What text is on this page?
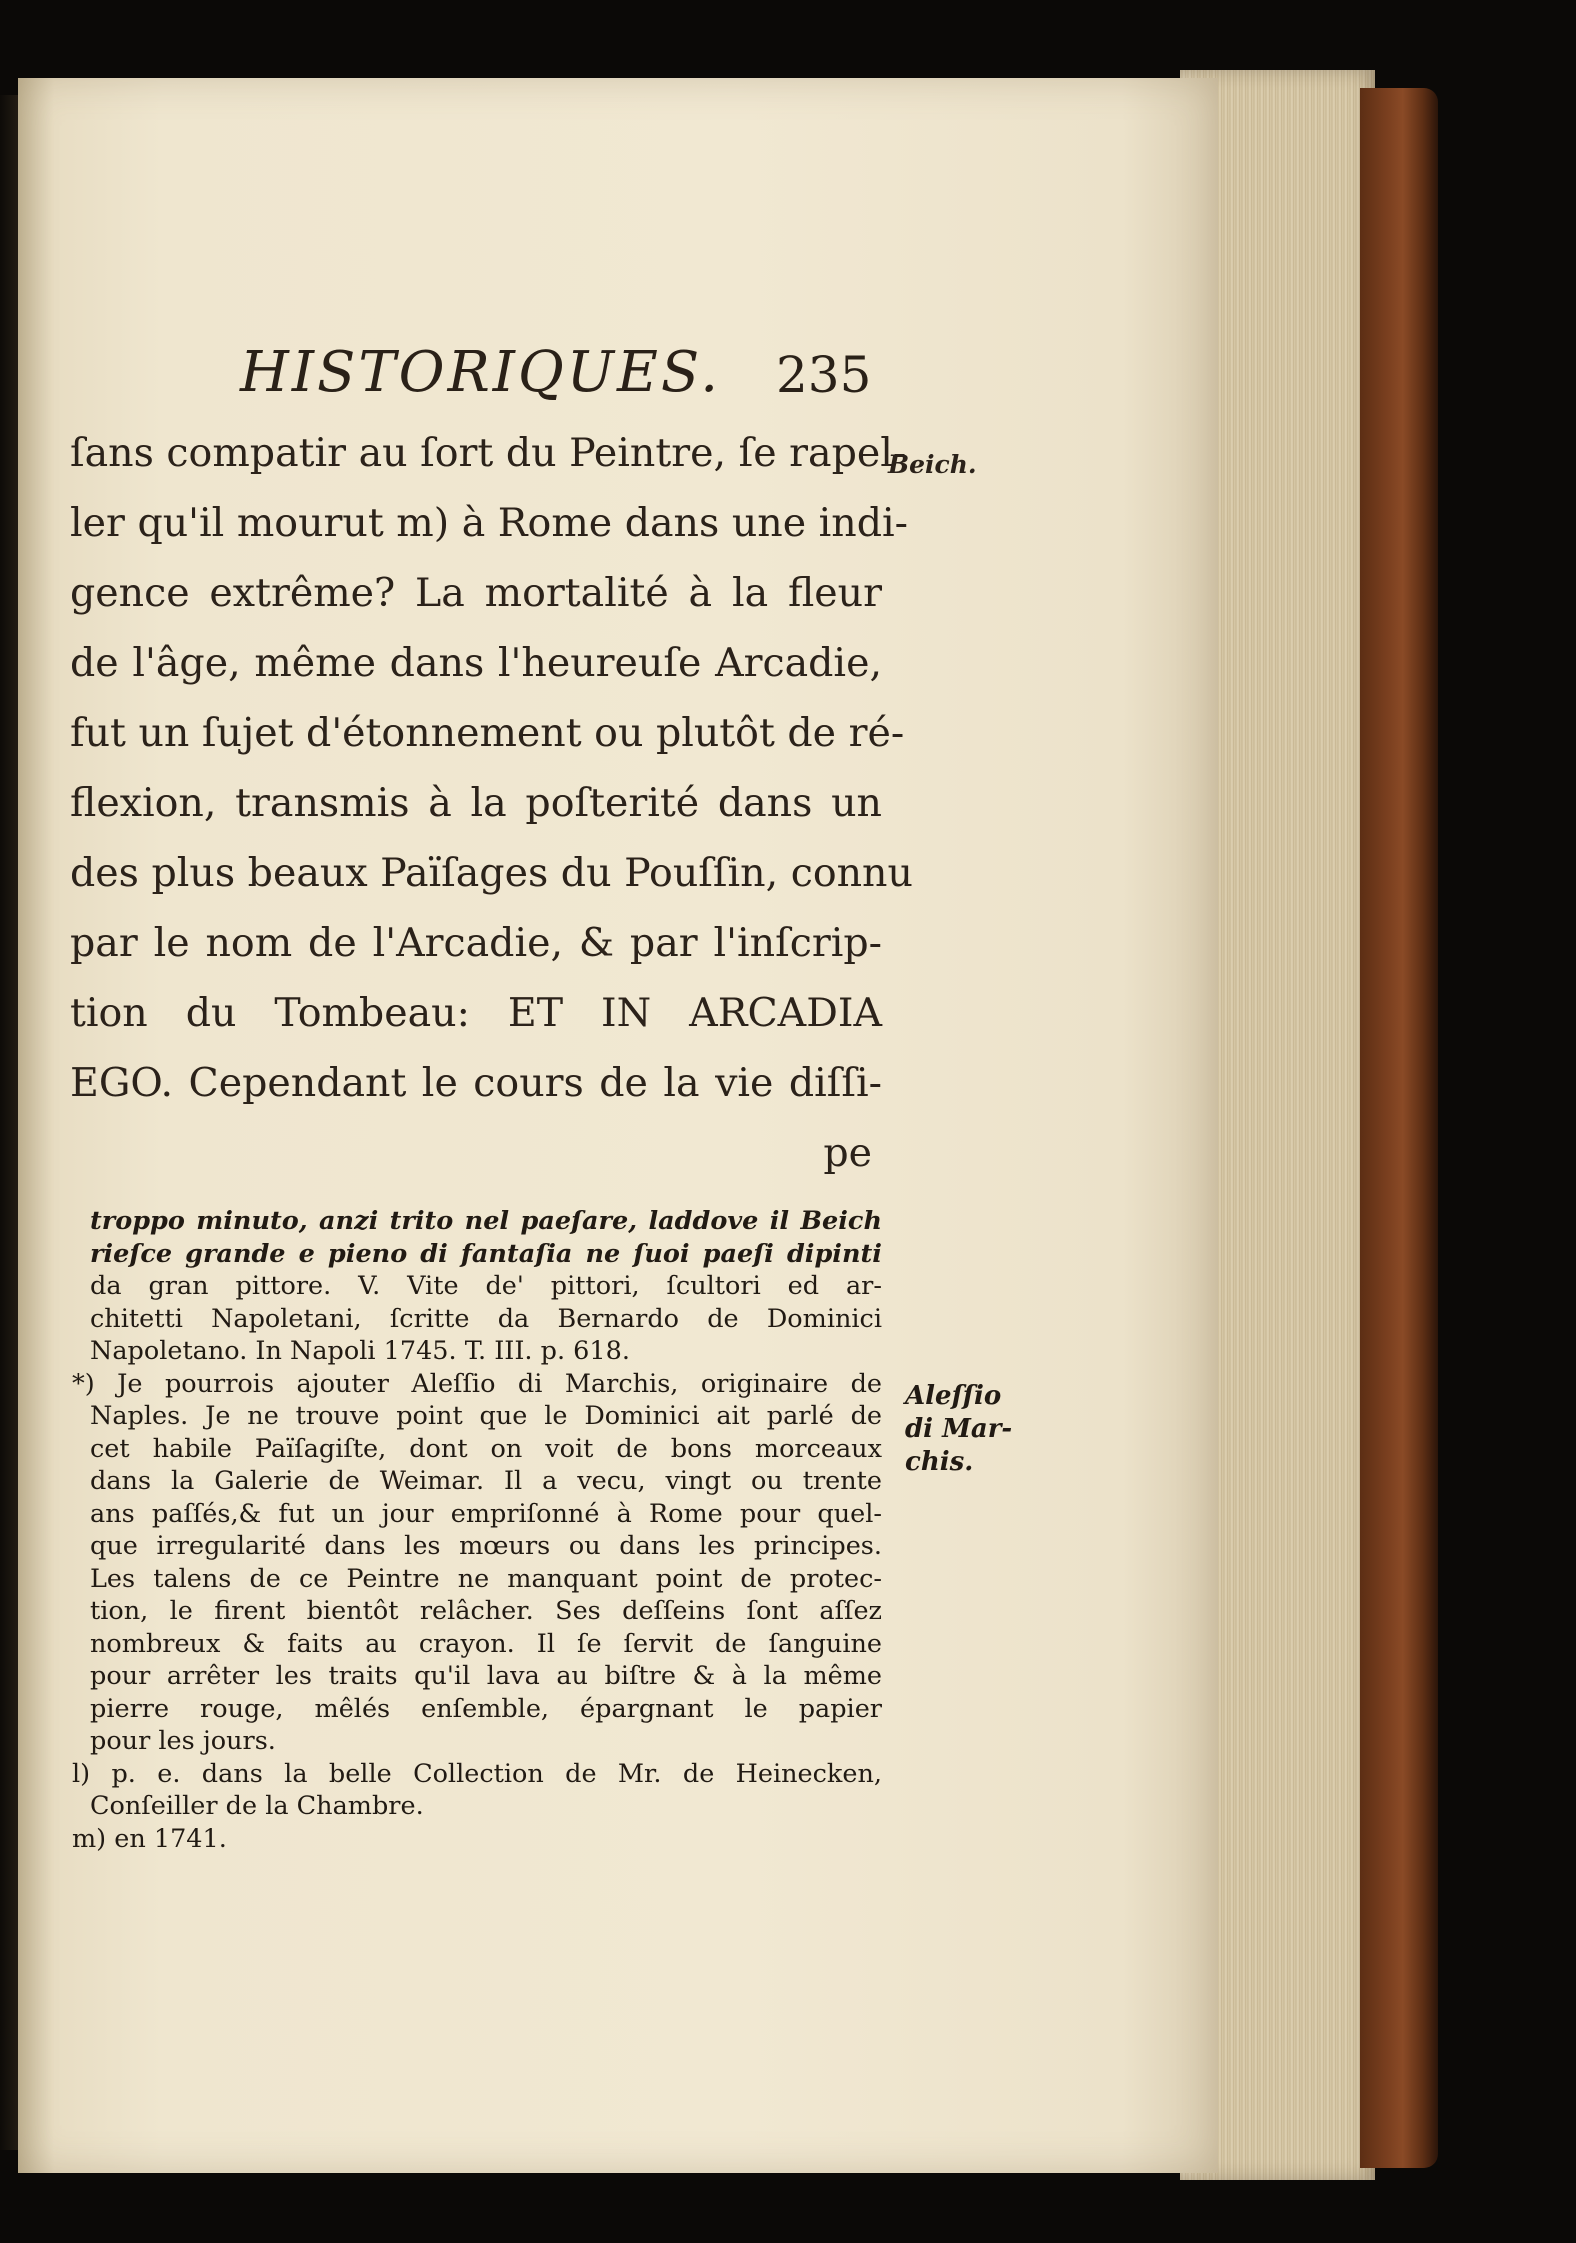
HISTORIQUES. 235
Beich.
ſans compatir au ſort du Peintre, ſe rapel-
ler qu'il mourut m) à Rome dans une indi-
gence extrême? La mortalité à la fleur
de l'âge, même dans l'heureuſe Arcadie,
fut un ſujet d'étonnement ou plutôt de ré-
flexion, transmis à la poſterité dans un
des plus beaux Païſages du Pouſſin, connu
par le nom de l'Arcadie, & par l'inſcrip-
tion du Tombeau: ET IN ARCADIA
EGO. Cependant le cours de la vie diſſi-
pe
troppo minuto, anzi trito nel paeſare, laddove il Beich
rieſce grande e pieno di fantaſia ne ſuoi paeſi dipinti
da gran pittore. V. Vite de' pittori, ſcultori ed ar-
chitetti Napoletani, ſcritte da Bernardo de Dominici
Napoletano. In Napoli 1745. T. III. p. 618.
*) Je pourrois ajouter Aleſſio di Marchis, originaire de
Naples. Je ne trouve point que le Dominici ait parlé de
cet habile Païſagiſte, dont on voit de bons morceaux
dans la Galerie de Weimar. Il a vecu, vingt ou trente
ans paſſés,& fut un jour empriſonné à Rome pour quel-
que irregularité dans les mœurs ou dans les principes.
Les talens de ce Peintre ne manquant point de protec-
tion, le firent bientôt relâcher. Ses deſſeins ſont aſſez
nombreux & faits au crayon. Il ſe ſervit de ſanguine
pour arrêter les traits qu'il lava au biſtre & à la même
pierre rouge, mêlés enſemble, épargnant le papier
pour les jours.
l) p. e. dans la belle Collection de Mr. de Heinecken,
Conſeiller de la Chambre.
m) en 1741.
Aleſſio
di Mar-
chis.
